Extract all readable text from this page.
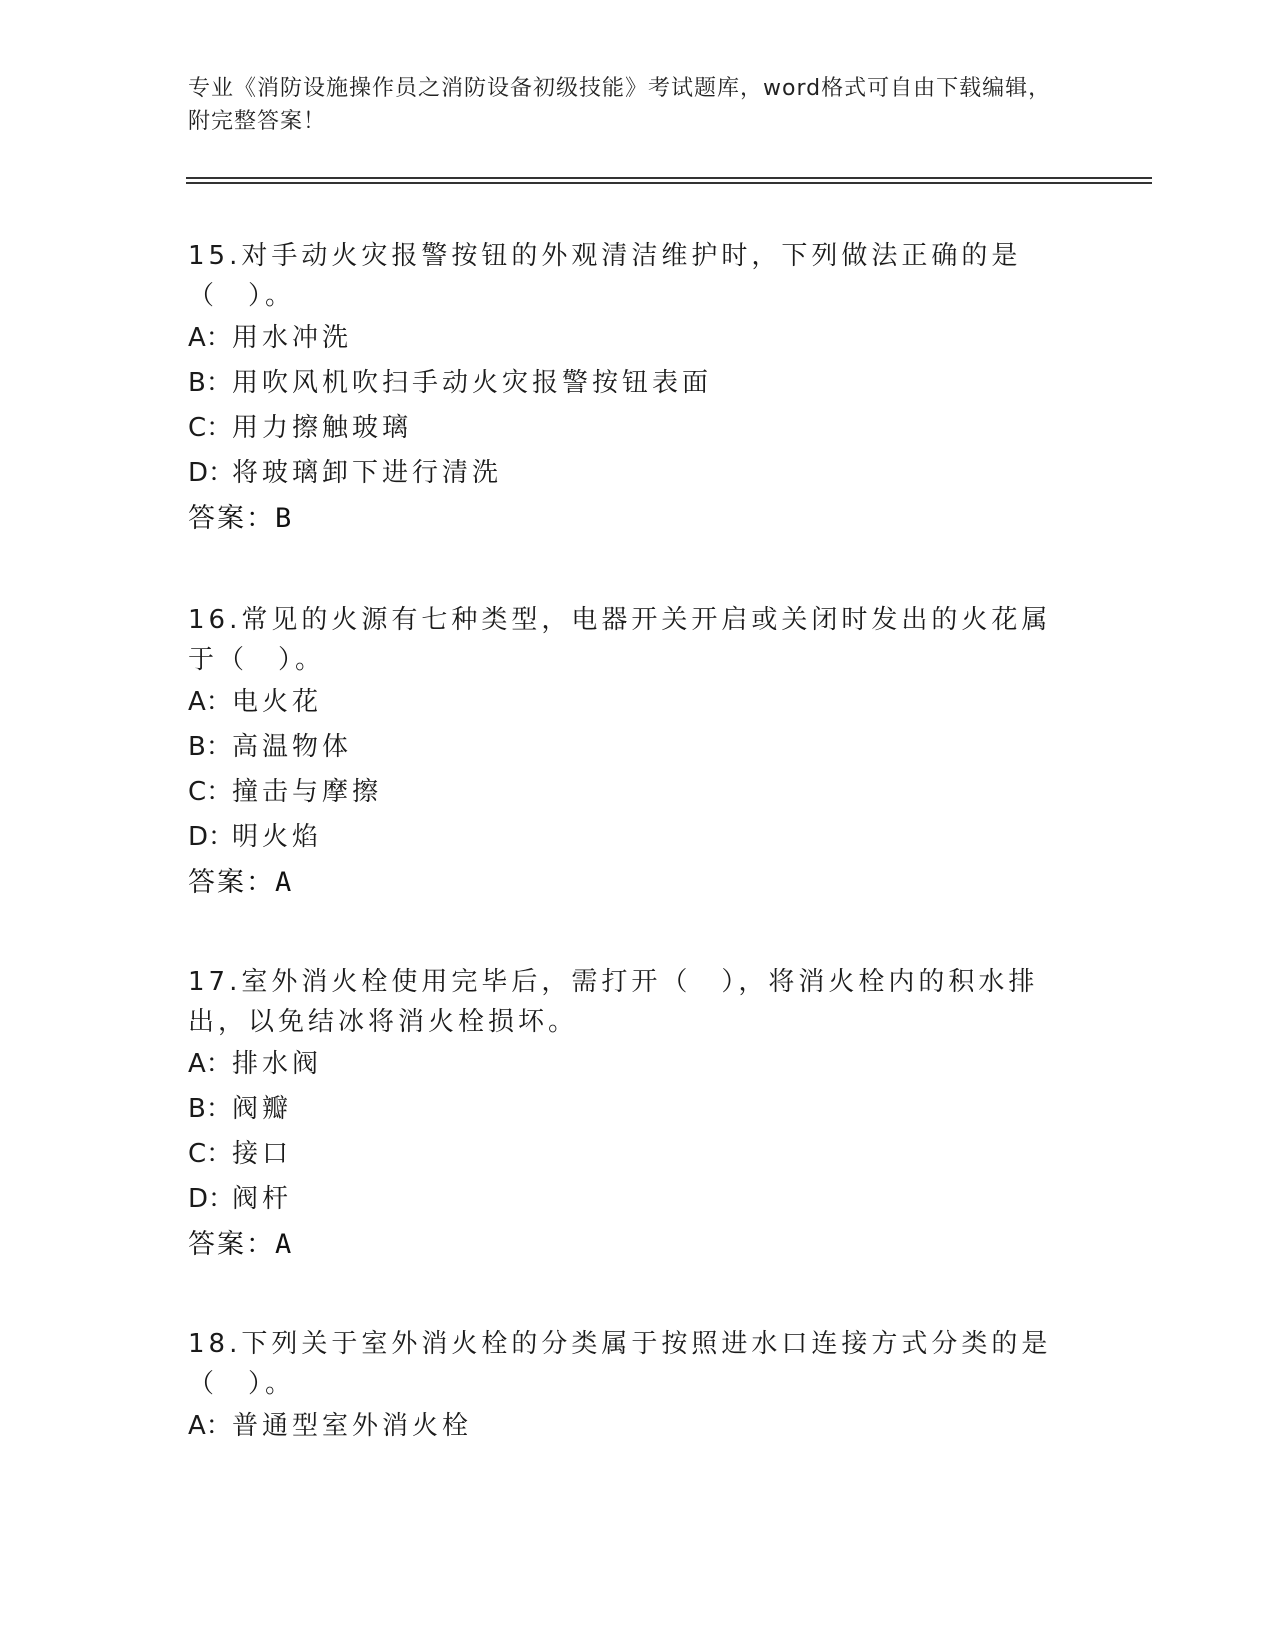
专业《消防设施操作员之消防设备初级技能》考试题库，word格式可自由下载编辑，附完整答案！

15.对手动火灾报警按钮的外观清洁维护时，下列做法正确的是（　）。

A：用水冲洗
B：用吹风机吹扫手动火灾报警按钮表面
C：用力擦触玻璃
D：将玻璃卸下进行清洗
答案：B

16.常见的火源有七种类型，电器开关开启或关闭时发出的火花属于（　）。

A：电火花
B：高温物体
C：撞击与摩擦
D：明火焰
答案：A

17.室外消火栓使用完毕后，需打开（　），将消火栓内的积水排出，以免结冰将消火栓损坏。

A：排水阀
B：阀瓣
C：接口
D：阀杆
答案：A

18.下列关于室外消火栓的分类属于按照进水口连接方式分类的是（　）。

A：普通型室外消火栓
